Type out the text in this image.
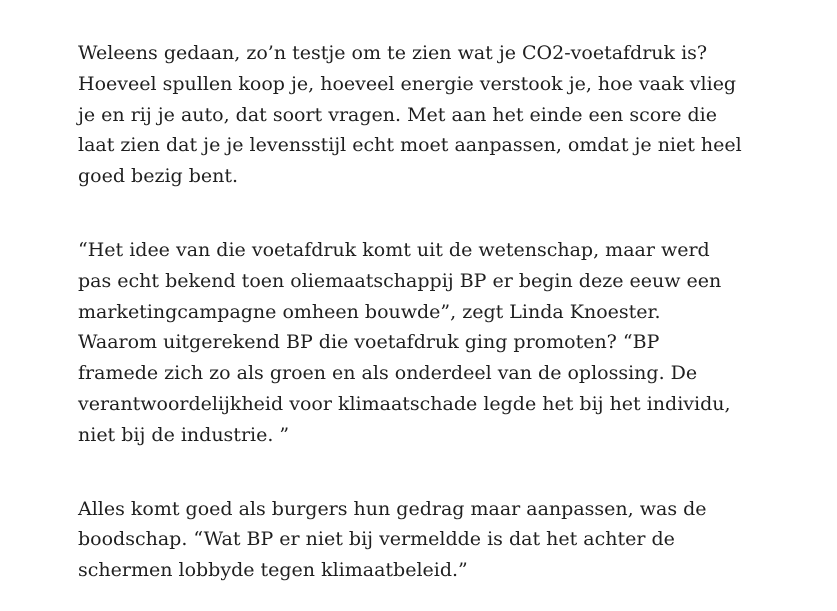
Weleens gedaan, zo’n testje om te zien wat je CO2-voetafdruk is?
Hoeveel spullen koop je, hoeveel energie verstook je, hoe vaak vlieg
je en rij je auto, dat soort vragen. Met aan het einde een score die
laat zien dat je je levensstijl echt moet aanpassen, omdat je niet heel
goed bezig bent.

“Het idee van die voetafdruk komt uit de wetenschap, maar werd
pas echt bekend toen oliemaatschappij BP er begin deze eeuw een
marketingcampagne omheen bouwde”, zegt Linda Knoester.
Waarom uitgerekend BP die voetafdruk ging promoten? “BP
framede zich zo als groen en als onderdeel van de oplossing. De
verantwoordelijkheid voor klimaatschade legde het bij het individu,
niet bij de industrie. ”

Alles komt goed als burgers hun gedrag maar aanpassen, was de
boodschap. “Wat BP er niet bij vermeldde is dat het achter de
schermen lobbyde tegen klimaatbeleid.”
